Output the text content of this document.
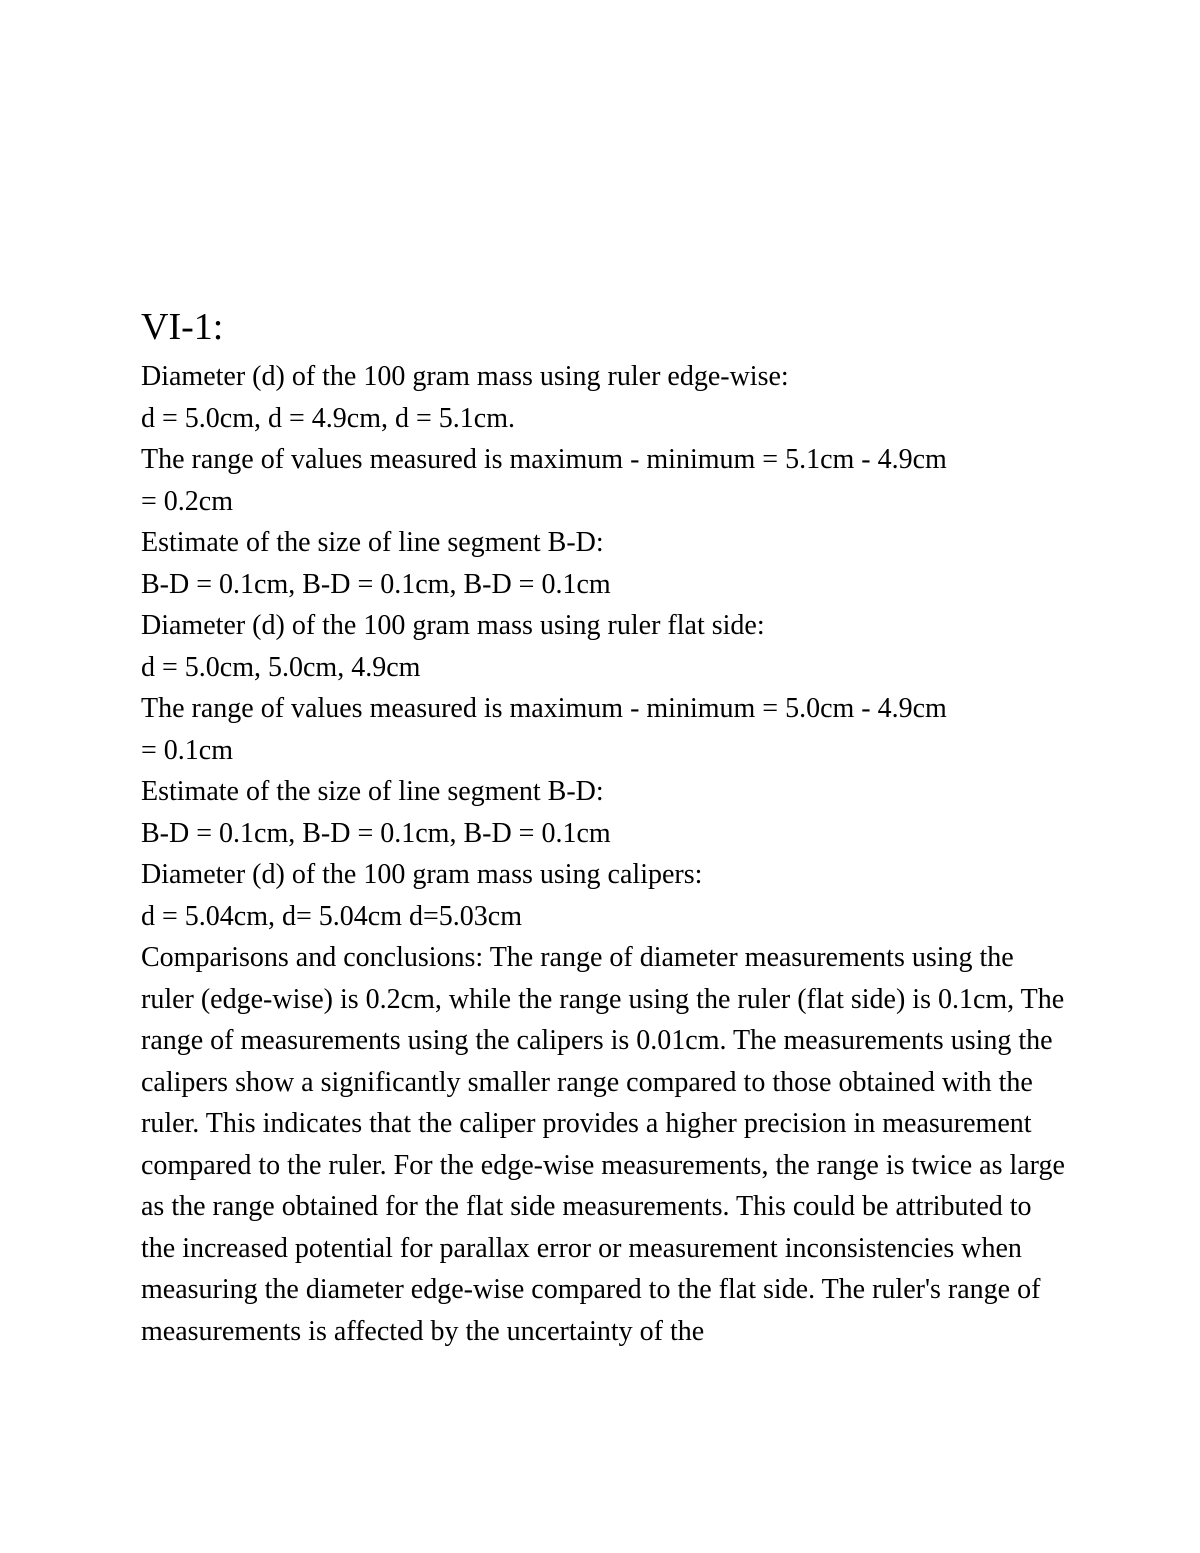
VI-1:

Diameter (d) of the 100 gram mass using ruler edge-wise:

d = 5.0cm, d = 4.9cm, d = 5.1cm.

The range of values measured is maximum - minimum = 5.1cm - 4.9cm

= 0.2cm

Estimate of the size of line segment B-D:

B-D = 0.1cm, B-D = 0.1cm, B-D = 0.1cm

Diameter (d) of the 100 gram mass using ruler flat side:

d = 5.0cm, 5.0cm, 4.9cm

The range of values measured is maximum - minimum = 5.0cm - 4.9cm

= 0.1cm

Estimate of the size of line segment B-D:

B-D = 0.1cm, B-D = 0.1cm, B-D = 0.1cm

Diameter (d) of the 100 gram mass using calipers:

d = 5.04cm, d= 5.04cm d=5.03cm

Comparisons and conclusions: The range of diameter measurements using the ruler (edge-wise) is 0.2cm, while the range using the ruler (flat side) is 0.1cm, The range of measurements using the calipers is 0.01cm. The measurements using the calipers show a significantly smaller range compared to those obtained with the ruler. This indicates that the caliper provides a higher precision in measurement compared to the ruler. For the edge-wise measurements, the range is twice as large as the range obtained for the flat side measurements. This could be attributed to the increased potential for parallax error or measurement inconsistencies when measuring the diameter edge-wise compared to the flat side. The ruler's range of measurements is affected by the uncertainty of the
